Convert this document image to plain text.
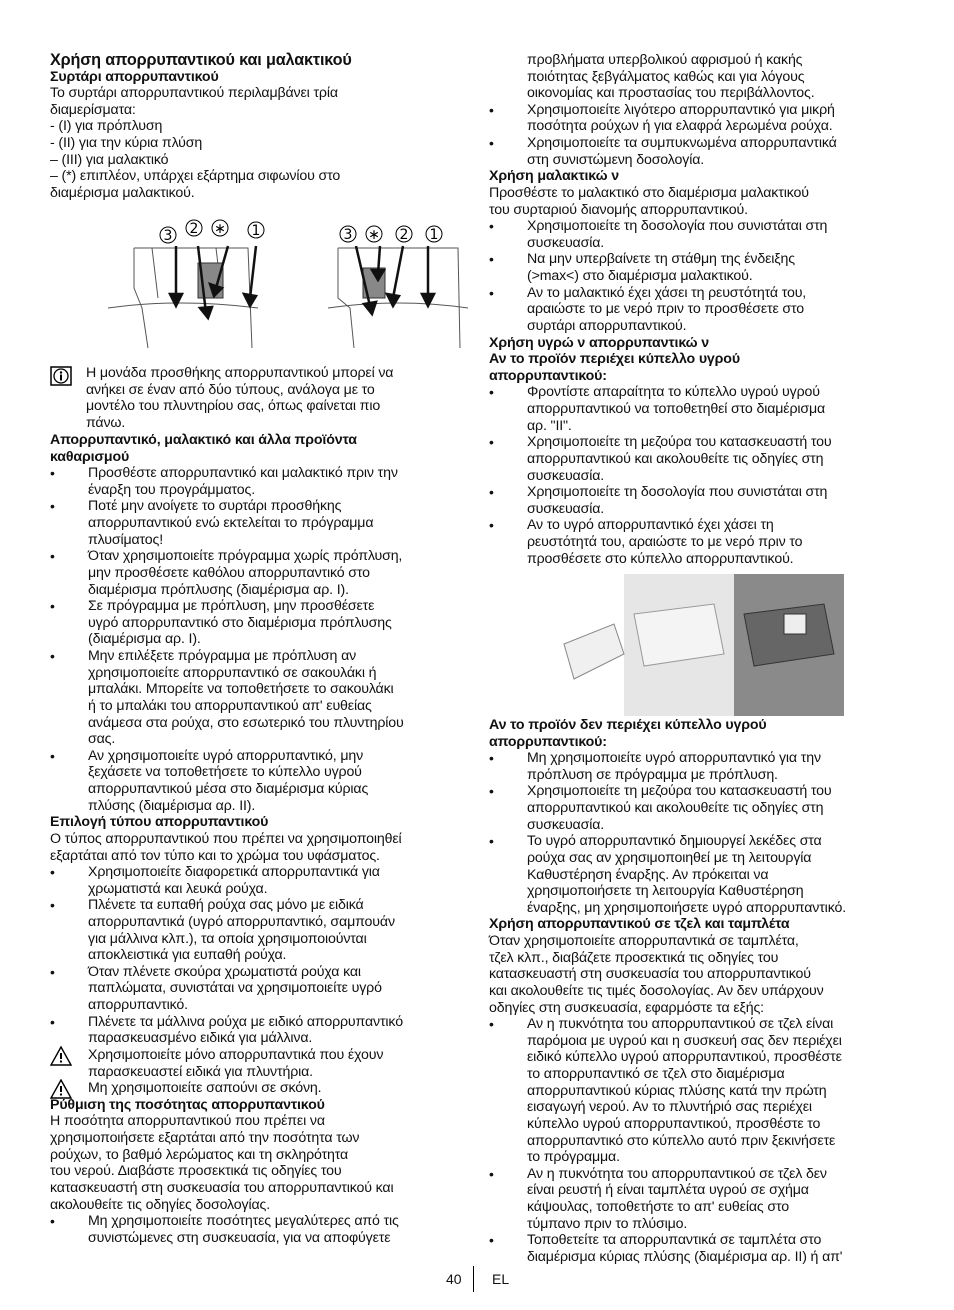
Χρήση απορρυπαντικού και μαλακτικού
Συρτάρι απορρυπαντικού
Το συρτάρι απορρυπαντικού περιλαμβάνει τρία
διαμερίσματα:
- (I) για πρόπλυση
- (II) για την κύρια πλύση
– (III) για μαλακτικό
– (*) επιπλέον, υπάρχει εξάρτημα σιφωνίου στο
διαμέρισμα μαλακτικού.
3 2 ∗ 1	3 ∗ 2 1
Η μονάδα προσθήκης απορρυπαντικού μπορεί να
ανήκει σε έναν από δύο τύπους, ανάλογα με το
μοντέλο του πλυντηρίου σας, όπως φαίνεται πιο
πάνω.
Απορρυπαντικό, μαλακτικό και άλλα προϊόντα
καθαρισμού
Προσθέστε απορρυπαντικό και μαλακτικό πριν την
•
έναρξη του προγράμματος.
Ποτέ μην ανοίγετε το συρτάρι προσθήκης
•
απορρυπαντικού ενώ εκτελείται το πρόγραμμα
πλυσίματος!
Όταν χρησιμοποιείτε πρόγραμμα χωρίς πρόπλυση,
•
μην προσθέσετε καθόλου απορρυπαντικό στο
διαμέρισμα πρόπλυσης (διαμέρισμα αρ. I).
Σε πρόγραμμα με πρόπλυση, μην προσθέσετε
•
υγρό απορρυπαντικό στο διαμέρισμα πρόπλυσης
(διαμέρισμα αρ. I).
Μην επιλέξετε πρόγραμμα με πρόπλυση αν
•
χρησιμοποιείτε απορρυπαντικό σε σακουλάκι ή
μπαλάκι. Μπορείτε να τοποθετήσετε το σακουλάκι
ή το μπαλάκι του απορρυπαντικού απ' ευθείας
ανάμεσα στα ρούχα, στο εσωτερικό του πλυντηρίου
σας.
Αν χρησιμοποιείτε υγρό απορρυπαντικό, μην
•
ξεχάσετε να τοποθετήσετε το κύπελλο υγρού
απορρυπαντικού μέσα στο διαμέρισμα κύριας
πλύσης (διαμέρισμα αρ. II).
Επιλογή τύπου απορρυπαντικού
Ο τύπος απορρυπαντικού που πρέπει να χρησιμοποιηθεί
εξαρτάται από τον τύπο και το χρώμα του υφάσματος.
Χρησιμοποιείτε διαφορετικά απορρυπαντικά για
•
χρωματιστά και λευκά ρούχα.
Πλένετε τα ευπαθή ρούχα σας μόνο με ειδικά
•
απορρυπαντικά (υγρό απορρυπαντικό, σαμπουάν
για μάλλινα κλπ.), τα οποία χρησιμοποιούνται
αποκλειστικά για ευπαθή ρούχα.
Όταν πλένετε σκούρα χρωματιστά ρούχα και
•
παπλώματα, συνιστάται να χρησιμοποιείτε υγρό
απορρυπαντικό.
Πλένετε τα μάλλινα ρούχα με ειδικό απορρυπαντικό
•
παρασκευασμένο ειδικά για μάλλινα.
Χρησιμοποιείτε μόνο απορρυπαντικά που έχουν
παρασκευαστεί ειδικά για πλυντήρια.
Μη χρησιμοποιείτε σαπούνι σε σκόνη.
Ρύθμιση της ποσότητας απορρυπαντικού
Η ποσότητα απορρυπαντικού που πρέπει να
χρησιμοποιήσετε εξαρτάται από την ποσότητα των
ρούχων, το βαθμό λερώματος και τη σκληρότητα
του νερού. Διαβάστε προσεκτικά τις οδηγίες του
κατασκευαστή στη συσκευασία του απορρυπαντικού και
ακολουθείτε τις οδηγίες δοσολογίας.
Μη χρησιμοποιείτε ποσότητες μεγαλύτερες από τις
•
συνιστώμενες στη συσκευασία, για να αποφύγετε
προβλήματα υπερβολικού αφρισμού ή κακής
ποιότητας ξεβγάλματος καθώς και για λόγους
οικονομίας και προστασίας του περιβάλλοντος.
Χρησιμοποιείτε λιγότερο απορρυπαντικό για μικρή
•
ποσότητα ρούχων ή για ελαφρά λερωμένα ρούχα.
Χρησιμοποιείτε τα συμπυκνωμένα απορρυπαντικά
•
στη συνιστώμενη δοσολογία.
Χρήση μαλακτικώ ν
Προσθέστε το μαλακτικό στο διαμέρισμα μαλακτικού
του συρταριού διανομής απορρυπαντικού.
Χρησιμοποιείτε τη δοσολογία που συνιστάται στη
•
συσκευασία.
Να μην υπερβαίνετε τη στάθμη της ένδειξης
•
(>max<) στο διαμέρισμα μαλακτικού.
Αν το μαλακτικό έχει χάσει τη ρευστότητά του,
•
αραιώστε το με νερό πριν το προσθέσετε στο
συρτάρι απορρυπαντικού.
Χρήση υγρώ ν απορρυπαντικώ ν
Αν το προϊόν περιέχει κύπελλο υγρού
απορρυπαντικού:
Φροντίστε απαραίτητα το κύπελλο υγρού υγρού
•
απορρυπαντικού να τοποθετηθεί στο διαμέρισμα
αρ. "II".
Χρησιμοποιείτε τη μεζούρα του κατασκευαστή του
•
απορρυπαντικού και ακολουθείτε τις οδηγίες στη
συσκευασία.
Χρησιμοποιείτε τη δοσολογία που συνιστάται στη
•
συσκευασία.
Αν το υγρό απορρυπαντικό έχει χάσει τη
•
ρευστότητά του, αραιώστε το με νερό πριν το
προσθέσετε στο κύπελλο απορρυπαντικού.
Αν το προϊόν δεν περιέχει κύπελλο υγρού
απορρυπαντικού:
Μη χρησιμοποιείτε υγρό απορρυπαντικό για την
•
πρόπλυση σε πρόγραμμα με πρόπλυση.
Χρησιμοποιείτε τη μεζούρα του κατασκευαστή του
•
απορρυπαντικού και ακολουθείτε τις οδηγίες στη
συσκευασία.
Το υγρό απορρυπαντικό δημιουργεί λεκέδες στα
•
ρούχα σας αν χρησιμοποιηθεί με τη λειτουργία
Καθυστέρηση έναρξης. Αν πρόκειται να
χρησιμοποιήσετε τη λειτουργία Καθυστέρηση
έναρξης, μη χρησιμοποιήσετε υγρό απορρυπαντικό.
Χρήση απορρυπαντικού σε τζελ και ταμπλέτα
Όταν χρησιμοποιείτε απορρυπαντικά σε ταμπλέτα,
τζελ κλπ., διαβάζετε προσεκτικά τις οδηγίες του
κατασκευαστή στη συσκευασία του απορρυπαντικού
και ακολουθείτε τις τιμές δοσολογίας. Αν δεν υπάρχουν
οδηγίες στη συσκευασία, εφαρμόστε τα εξής:
Αν η πυκνότητα του απορρυπαντικού σε τζελ είναι
•
παρόμοια με υγρού και η συσκευή σας δεν περιέχει
ειδικό κύπελλο υγρού απορρυπαντικού, προσθέστε
το απορρυπαντικό σε τζελ στο διαμέρισμα
απορρυπαντικού κύριας πλύσης κατά την πρώτη
εισαγωγή νερού. Αν το πλυντήριό σας περιέχει
κύπελλο υγρού απορρυπαντικού, προσθέστε το
απορρυπαντικό στο κύπελλο αυτό πριν ξεκινήσετε
το πρόγραμμα.
Αν η πυκνότητα του απορρυπαντικού σε τζελ δεν
•
είναι ρευστή ή είναι ταμπλέτα υγρού σε σχήμα
κάψουλας, τοποθετήστε το απ' ευθείας στο
τύμπανο πριν το πλύσιμο.
Τοποθετείτε τα απορρυπαντικά σε ταμπλέτα στο
•
διαμέρισμα κύριας πλύσης (διαμέρισμα αρ. II) ή απ'
40 EL
